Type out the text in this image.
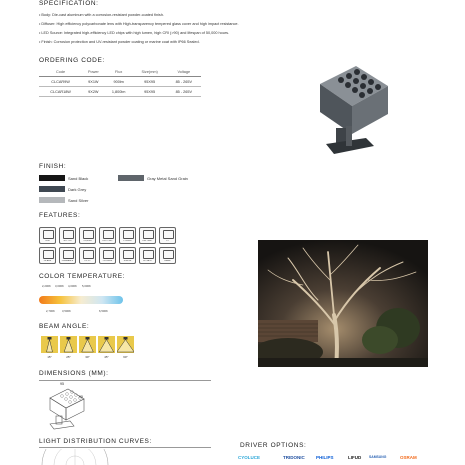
SPECIFICATION:
• Body: Die-cast aluminum with a corrosion-resistant powder-coated finish.
• Diffuser: High efficiency polycarbonate lens with High-transparency tempered glass cover and high impact resistance.
• LED Source: Integrated high-efficiency LED chips with high lumen, high CRI (>90) and lifespan of 50,000 hours.
• Finish: Corrosion protection and UV-resistant powder coating or marine coat with IP66 Sealed.
ORDERING CODE:
Code	Power	Flux	Size(mm)	Voltage
CLCAR9W	9X1W	900lm	95X95	85 - 265V
CLCAR18W	9X2W	1,800lm	95X95	85 - 265V
FINISH:
Sand Black	Gray Metal Sand Grain
Dark Grey
Sand Silver
FEATURES:
IP66	90+ CRI	25,000H	LED CHIP	POWER	DIE CAST	5Y
GLARE	DIMMABLE	OPTIC	CE RoHS	SURGE	ROTATE	BEAM
COLOR TEMPERATURE:
2,200K 3,000K 4,000K 5,000K
2,700K	3,500K	6,500K
BEAM ANGLE:
15°	25°	30°	45°	60°
DIMENSIONS (MM):
95
95
LIGHT DISTRIBUTION CURVES:
DRIVER OPTIONS:
CYOLUCE	TRIDONIC	PHILIPS	LIFUD SAMSUNG	OSRAM
